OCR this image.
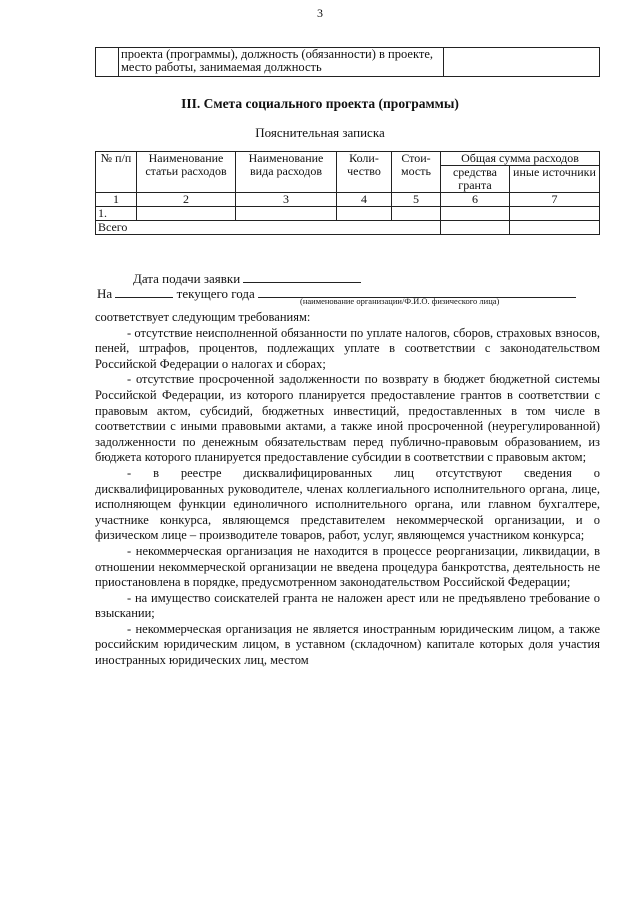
3
	проекта (программы), должность (обязанности) в проекте, место работы, занимаемая должность	
III. Смета социального проекта (программы)
Пояснительная записка
№ п/п	Наименование статьи расходов	Наименование вида расходов	Коли-чество	Стои-мость	Общая сумма расходов	
					средства гранта	иные источники
1	2	3	4	5	6	7
1.						
Всего						
Дата подачи заявки
На	текущего года	(наименование организации/Ф.И.О. физического лица)

соответствует следующим требованиям:

- отсутствие неисполненной обязанности по уплате налогов, сборов, страховых взносов, пеней, штрафов, процентов, подлежащих уплате в соответствии с законодательством Российской Федерации о налогах и сборах;

- отсутствие просроченной задолженности по возврату в бюджет бюджетной системы Российской Федерации, из которого планируется предоставление грантов в соответствии с правовым актом, субсидий, бюджетных инвестиций, предоставленных в том числе в соответствии с иными правовыми актами, а также иной просроченной (неурегулированной) задолженности по денежным обязательствам перед публично-правовым образованием, из бюджета которого планируется предоставление субсидии в соответствии с правовым актом;

- в реестре дисквалифицированных лиц отсутствуют сведения о дисквалифицированных руководителе, членах коллегиального исполнительного органа, лице, исполняющем функции единоличного исполнительного органа, или главном бухгалтере, участнике конкурса, являющемся представителем некоммерческой организации, и о физическом лице – производителе товаров, работ, услуг, являющемся участником конкурса;

- некоммерческая организация не находится в процессе реорганизации, ликвидации, в отношении некоммерческой организации не введена процедура банкротства, деятельность не приостановлена в порядке, предусмотренном законодательством Российской Федерации;

- на имущество соискателей гранта не наложен арест или не предъявлено требование о взыскании;

- некоммерческая организация не является иностранным юридическим лицом, а также российским юридическим лицом, в уставном (складочном) капитале которых доля участия иностранных юридических лиц, местом
